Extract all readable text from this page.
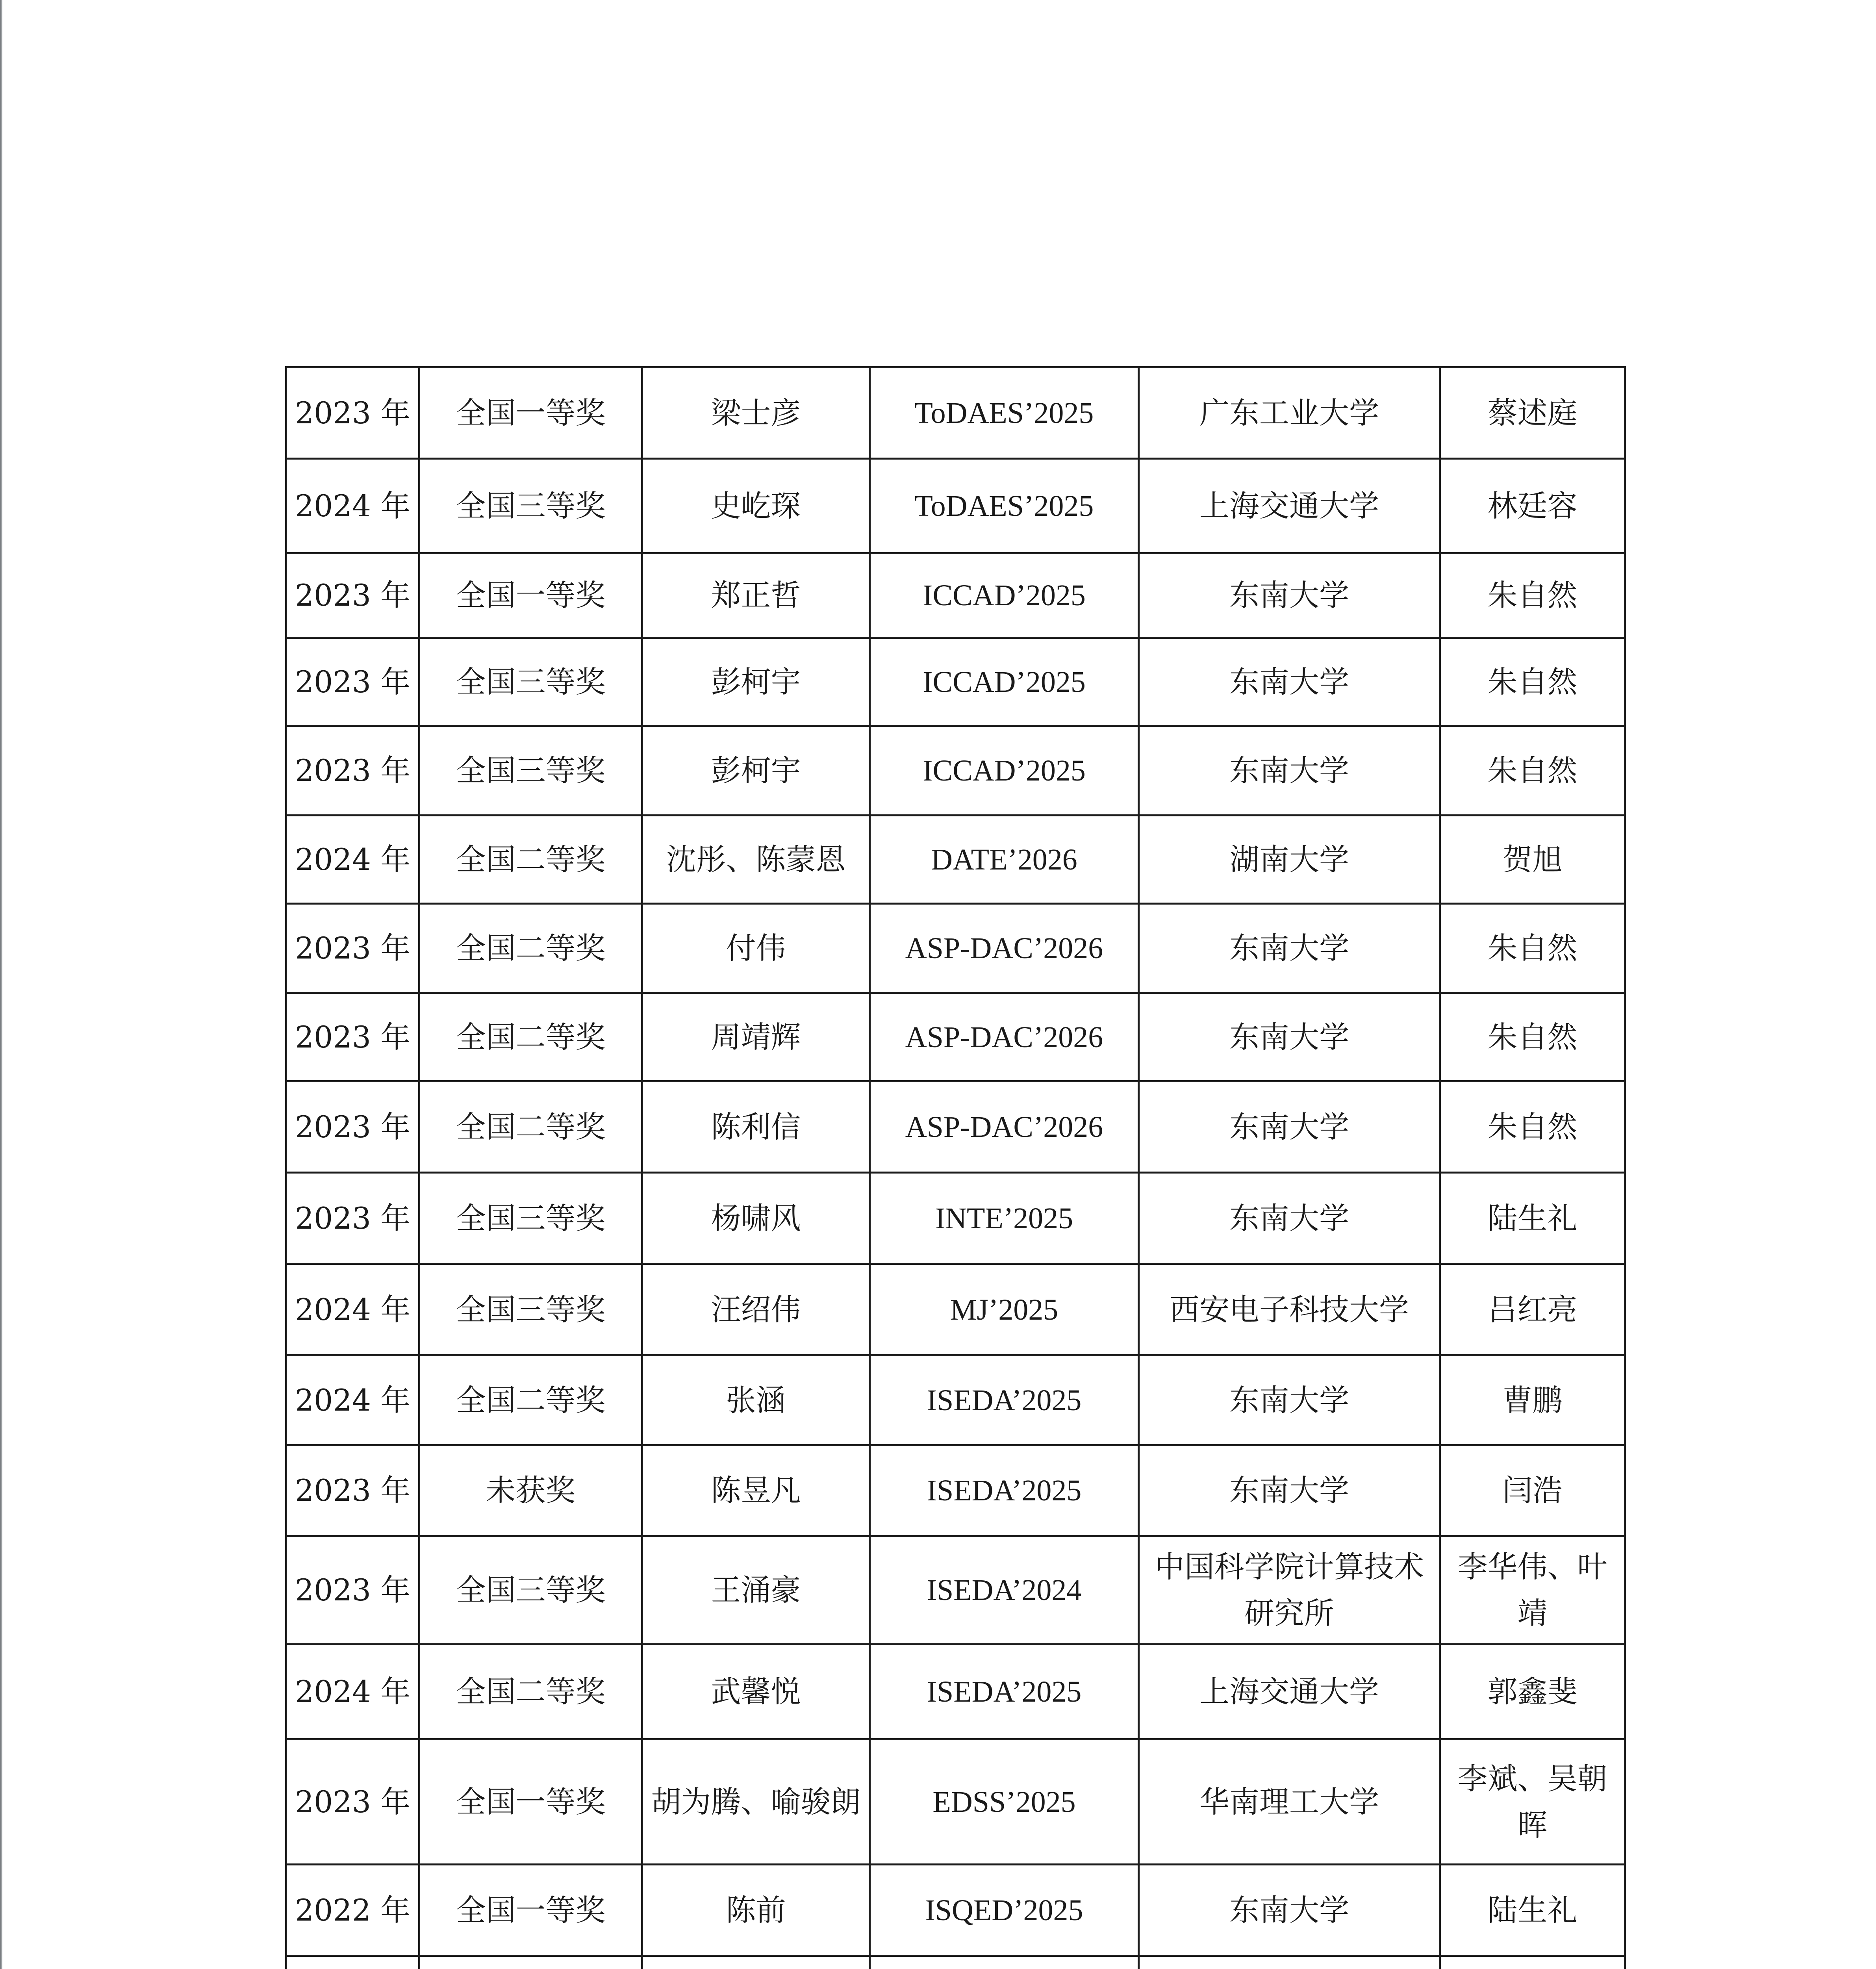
2023 年	全国一等奖	梁士彦	ToDAES’2025	广东工业大学	蔡述庭
2024 年	全国三等奖	史屹琛	ToDAES’2025	上海交通大学	林廷容
2023 年	全国一等奖	郑正哲	ICCAD’2025	东南大学	朱自然
2023 年	全国三等奖	彭柯宇	ICCAD’2025	东南大学	朱自然
2023 年	全国三等奖	彭柯宇	ICCAD’2025	东南大学	朱自然
2024 年	全国二等奖	沈彤、陈蒙恩	DATE’2026	湖南大学	贺旭
2023 年	全国二等奖	付伟	ASP-DAC’2026	东南大学	朱自然
2023 年	全国二等奖	周靖辉	ASP-DAC’2026	东南大学	朱自然
2023 年	全国二等奖	陈利信	ASP-DAC’2026	东南大学	朱自然
2023 年	全国三等奖	杨啸风	INTE’2025	东南大学	陆生礼
2024 年	全国三等奖	汪绍伟	MJ’2025	西安电子科技大学	吕红亮
2024 年	全国二等奖	张涵	ISEDA’2025	东南大学	曹鹏
2023 年	未获奖	陈昱凡	ISEDA’2025	东南大学	闫浩
2023 年	全国三等奖	王涌豪	ISEDA’2024	中国科学院计算技术研究所	李华伟、叶靖
2024 年	全国二等奖	武馨悦	ISEDA’2025	上海交通大学	郭鑫斐
2023 年	全国一等奖	胡为腾、喻骏朗	EDSS’2025	华南理工大学	李斌、吴朝晖
2022 年	全国一等奖	陈前	ISQED’2025	东南大学	陆生礼
